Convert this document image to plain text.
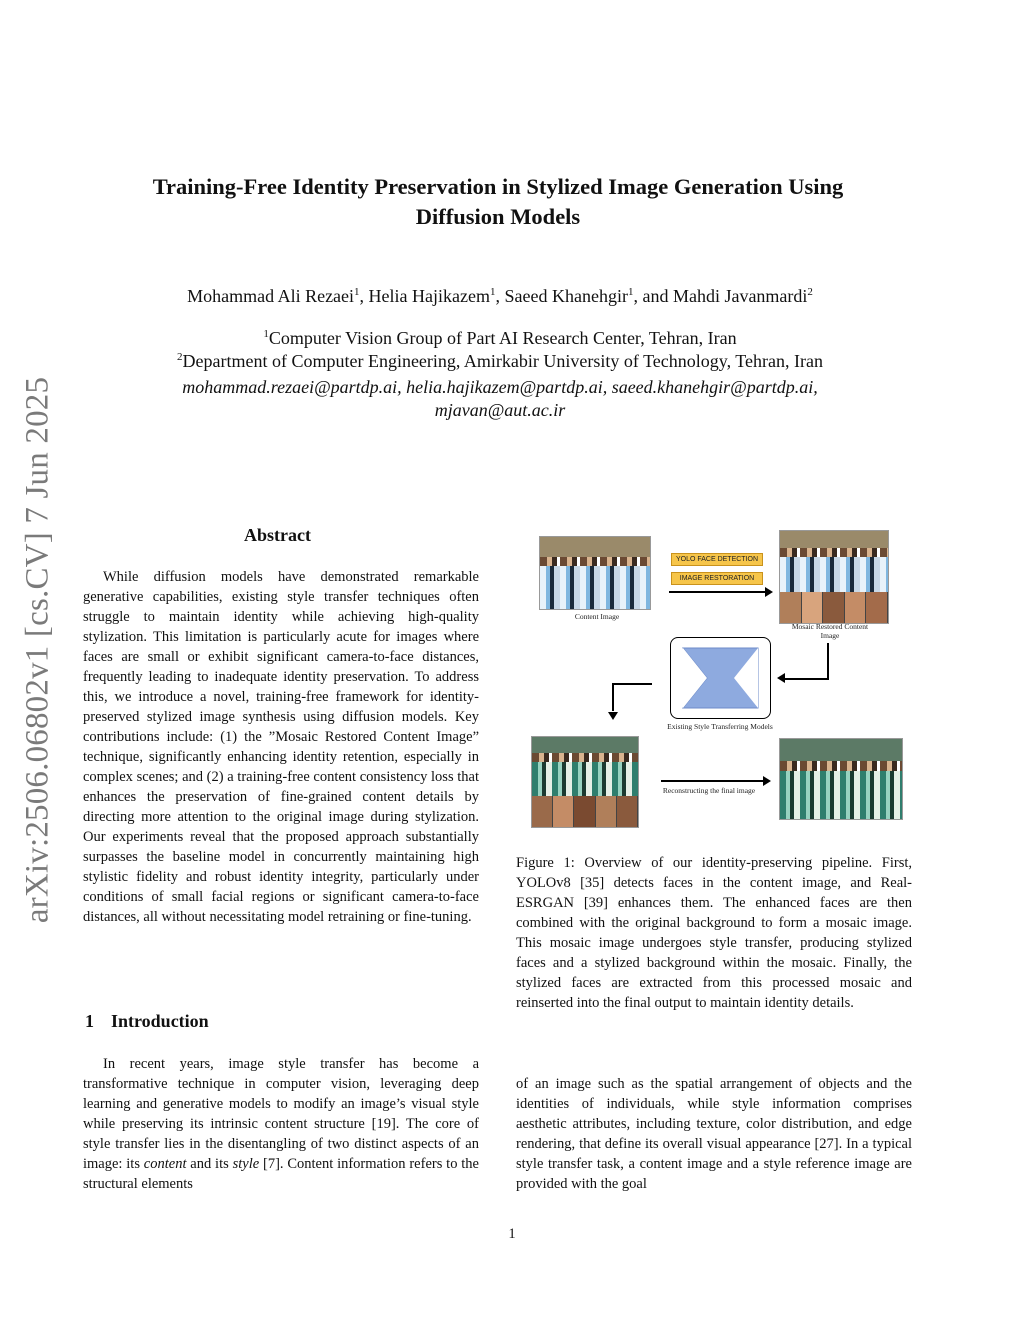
arXiv:2506.06802v1 [cs.CV] 7 Jun 2025
Training-Free Identity Preservation in Stylized Image Generation Using
Diffusion Models
Mohammad Ali Rezaei$^1$, Helia Hajikazem$^1$, Saeed Khanehgir$^1$, and Mahdi Javanmardi$^2$
$^1$Computer Vision Group of Part AI Research Center, Tehran, Iran
$^2$Department of Computer Engineering, Amirkabir University of Technology, Tehran, Iran
mohammad.rezaei@partdp.ai, helia.hajikazem@partdp.ai, saeed.khanehgir@partdp.ai,
mjavan@aut.ac.ir
Abstract

While diffusion models have demonstrated remarkable generative capabilities, existing style transfer techniques often struggle to maintain identity while achieving high-quality stylization. This limitation is particularly acute for images where faces are small or exhibit significant camera-to-face distances, frequently leading to inadequate identity preservation. To address this, we introduce a novel, training-free framework for identity-preserved stylized image synthesis using diffusion models. Key contributions include: (1) the ”Mosaic Restored Content Image” technique, significantly enhancing identity retention, especially in complex scenes; and (2) a training-free content consistency loss that enhances the preservation of fine-grained content details by directing more attention to the original image during stylization. Our experiments reveal that the proposed approach substantially surpasses the baseline model in concurrently maintaining high stylistic fidelity and robust identity integrity, particularly under conditions of small facial regions or significant camera-to-face distances, all without necessitating model retraining or fine-tuning.

1 Introduction

In recent years, image style transfer has become a transformative technique in computer vision, leveraging deep learning and generative models to modify an image’s visual style while preserving its intrinsic content structure [19]. The core of style transfer lies in the disentangling of two distinct aspects of an image: its content and its style [7]. Content information refers to the structural elements

Content Image
YOLO FACE DETECTION
IMAGE RESTORATION
Mosaic Restored Content Image
Existing Style Transferring Models
Reconstructing the final image

Figure 1: Overview of our identity-preserving pipeline. First, YOLOv8 [35] detects faces in the content image, and Real-ESRGAN [39] enhances them. The enhanced faces are then combined with the original background to form a mosaic image. This mosaic image undergoes style transfer, producing stylized faces and a stylized background within the mosaic. Finally, the stylized faces are extracted from this processed mosaic and reinserted into the final output to maintain identity details.

of an image such as the spatial arrangement of objects and the identities of individuals, while style information comprises aesthetic attributes, including texture, color distribution, and edge rendering, that define its overall visual appearance [27]. In a typical style transfer task, a content image and a style reference image are provided with the goal

1
